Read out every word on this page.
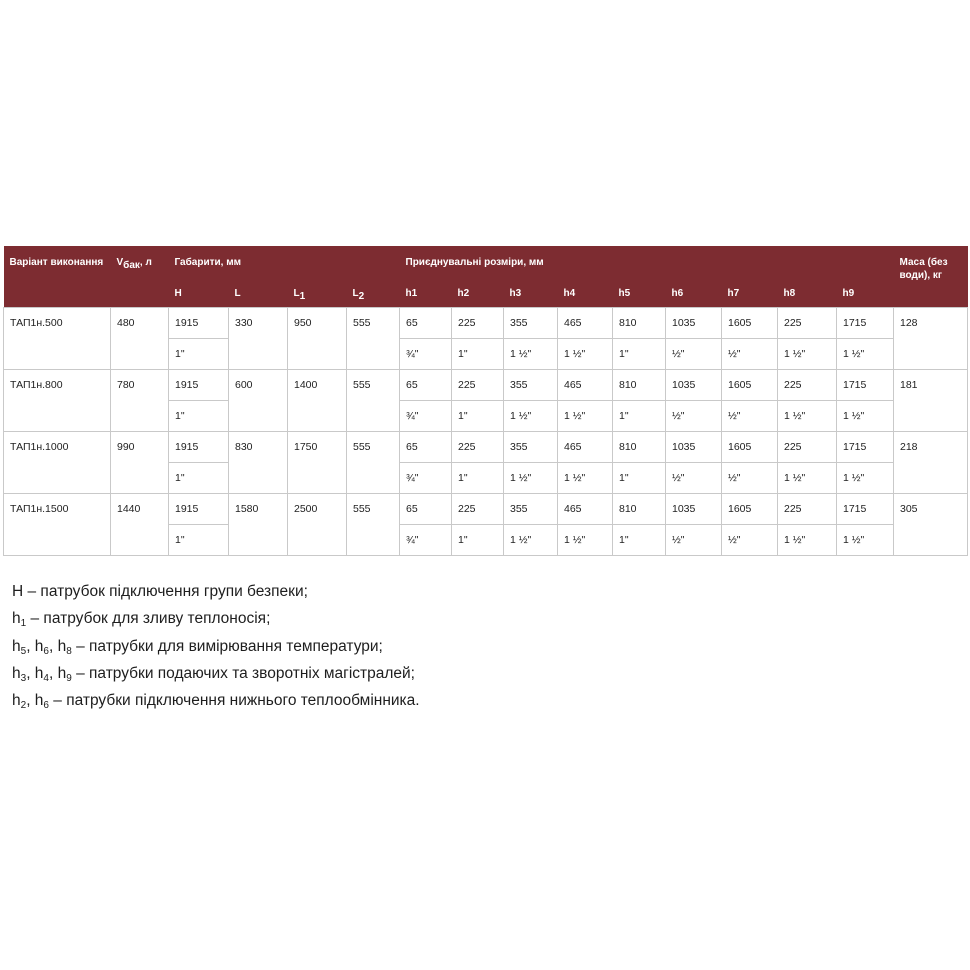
Варіант виконання	$V_{бак}$, л	Габарити, мм				Приєднувальні розміри, мм									Маса (без води), кг
		H	L	$L_1$	$L_2$	h1	h2	h3	h4	h5	h6	h7	h8	h9	
ТАП1н.500	480	1915	330	950	555	65	225	355	465	810	1035	1605	225	1715	128
		1"				¾"	1"	1 ½"	1 ½"	1"	½"	½"	1 ½"	1 ½"	
ТАП1н.800	780	1915	600	1400	555	65	225	355	465	810	1035	1605	225	1715	181
		1"				¾"	1"	1 ½"	1 ½"	1"	½"	½"	1 ½"	1 ½"	
ТАП1н.1000	990	1915	830	1750	555	65	225	355	465	810	1035	1605	225	1715	218
		1"				¾"	1"	1 ½"	1 ½"	1"	½"	½"	1 ½"	1 ½"	
ТАП1н.1500	1440	1915	1580	2500	555	65	225	355	465	810	1035	1605	225	1715	305
		1"				¾"	1"	1 ½"	1 ½"	1"	½"	½"	1 ½"	1 ½"	
H – патрубок підключення групи безпеки;
$h_1$ – патрубок для зливу теплоносія;
$h_5$, $h_6$, $h_8$ – патрубки для вимірювання температури;
$h_3$, $h_4$, $h_9$ – патрубки подаючих та зворотніх магістралей;
$h_2$, $h_6$ – патрубки підключення нижнього теплообмінника.
